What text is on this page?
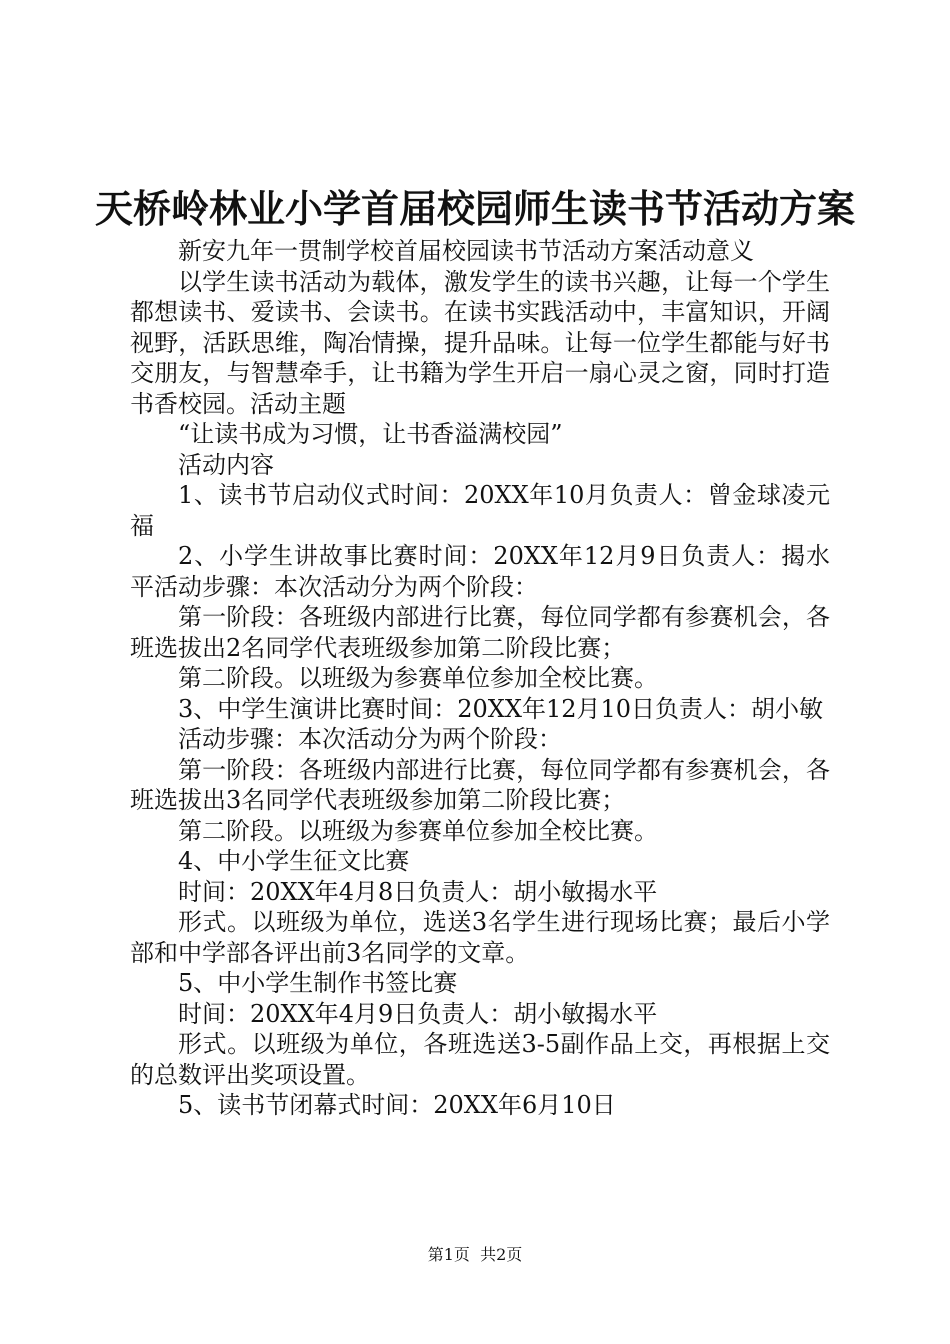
天桥岭林业小学首届校园师生读书节活动方案

新安九年一贯制学校首届校园读书节活动方案活动意义

以学生读书活动为载体，激发学生的读书兴趣，让每一个学生都想读书、爱读书、会读书。在读书实践活动中，丰富知识，开阔视野，活跃思维，陶冶情操，提升品味。让每一位学生都能与好书交朋友，与智慧牵手，让书籍为学生开启一扇心灵之窗，同时打造书香校园。活动主题

“让读书成为习惯，让书香溢满校园”

活动内容

1、读书节启动仪式时间：20XX年10月负责人：曾金球凌元福

2、小学生讲故事比赛时间：20XX年12月9日负责人：揭水平活动步骤：本次活动分为两个阶段：

第一阶段：各班级内部进行比赛，每位同学都有参赛机会，各班选拔出2名同学代表班级参加第二阶段比赛；

第二阶段。以班级为参赛单位参加全校比赛。

3、中学生演讲比赛时间：20XX年12月10日负责人：胡小敏

活动步骤：本次活动分为两个阶段：

第一阶段：各班级内部进行比赛，每位同学都有参赛机会，各班选拔出3名同学代表班级参加第二阶段比赛；

第二阶段。以班级为参赛单位参加全校比赛。

4、中小学生征文比赛

时间：20XX年4月8日负责人：胡小敏揭水平

形式。以班级为单位，选送3名学生进行现场比赛；最后小学部和中学部各评出前3名同学的文章。

5、中小学生制作书签比赛

时间：20XX年4月9日负责人：胡小敏揭水平

形式。以班级为单位，各班选送3-5副作品上交，再根据上交的总数评出奖项设置。

5、读书节闭幕式时间：20XX年6月10日

第1页 共2页
